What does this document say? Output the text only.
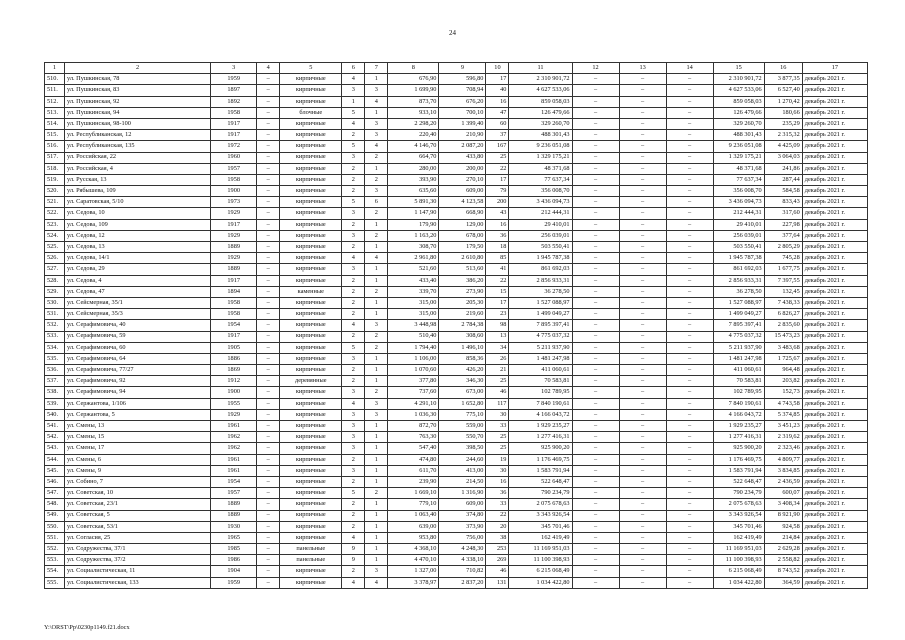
24
1	2	3	4	5	6	7	8	9	10	11	12	13	14	15	16	17
510.	ул. Пушкинская, 78	1959	–	кирпичные	4	1	676,90	596,80	17	2 310 901,72	–	–	–	2 310 901,72	3 877,35	декабрь 2021 г.
511.	ул. Пушкинская, 83	1897	–	кирпичные	3	3	1 699,90	708,94	40	4 627 533,06	–	–	–	4 627 533,06	6 527,40	декабрь 2021 г.
512.	ул. Пушкинская, 92	1892	–	кирпичные	1	4	873,70	676,20	16	859 058,03	–	–	–	859 058,03	1 270,42	декабрь 2021 г.
513.	ул. Пушкинская, 94	1958	–	блочные	5	1	933,10	700,10	47	126 479,66	–	–	–	126 479,66	180,66	декабрь 2021 г.
514.	ул. Пушкинская, 98-100	1917	–	кирпичные	4	3	2 298,20	1 399,40	60	329 260,70	–	–	–	329 260,70	235,29	декабрь 2021 г.
515.	ул. Республиканская, 12	1917	–	кирпичные	2	3	220,40	210,90	37	488 301,43	–	–	–	488 301,43	2 315,32	декабрь 2021 г.
516.	ул. Республиканская, 135	1972	–	кирпичные	5	4	4 146,70	2 087,20	167	9 236 051,08	–	–	–	9 236 051,08	4 425,09	декабрь 2021 г.
517.	ул. Российская, 22	1960	–	кирпичные	3	2	664,70	433,80	25	1 329 175,21	–	–	–	1 329 175,21	3 064,03	декабрь 2021 г.
518.	ул. Российская, 4	1957	–	кирпичные	2	1	280,00	200,00	22	48 371,68	–	–	–	48 371,68	241,86	декабрь 2021 г.
519.	ул. Русская, 13	1958	–	кирпичные	2	2	393,90	270,10	17	77 637,34	–	–	–	77 637,34	287,44	декабрь 2021 г.
520.	ул. Рябышева, 109	1900	–	кирпичные	2	3	635,60	609,00	79	356 008,70	–	–	–	356 008,70	584,58	декабрь 2021 г.
521.	ул. Саратовская, 5/10	1973	–	кирпичные	5	6	5 891,30	4 123,58	200	3 436 094,73	–	–	–	3 436 094,73	833,43	декабрь 2021 г.
522.	ул. Седова, 10	1929	–	кирпичные	3	2	1 147,90	668,90	43	212 444,31	–	–	–	212 444,31	317,60	декабрь 2021 г.
523.	ул. Седова, 109	1917	–	кирпичные	2	1	179,90	129,00	16	29 410,01	–	–	–	29 410,01	227,98	декабрь 2021 г.
524.	ул. Седова, 12	1929	–	кирпичные	3	2	1 163,20	678,00	36	256 039,01	–	–	–	256 039,01	377,64	декабрь 2021 г.
525.	ул. Седова, 13	1889	–	кирпичные	2	1	308,70	179,50	18	503 550,41	–	–	–	503 550,41	2 805,29	декабрь 2021 г.
526.	ул. Седова, 14/1	1929	–	кирпичные	4	4	2 961,80	2 610,80	85	1 945 787,38	–	–	–	1 945 787,38	745,28	декабрь 2021 г.
527.	ул. Седова, 29	1889	–	кирпичные	3	1	521,60	513,60	41	861 692,03	–	–	–	861 692,03	1 677,75	декабрь 2021 г.
528.	ул. Седова, 4	1917	–	кирпичные	2	1	433,40	386,20	22	2 856 933,31	–	–	–	2 856 933,31	7 397,55	декабрь 2021 г.
529.	ул. Седова, 47	1894	–	каменные	2	2	339,70	273,90	15	36 278,50	–	–	–	36 278,50	132,45	декабрь 2021 г.
530.	ул. Сейсмерная, 35/1	1958	–	кирпичные	2	1	315,00	205,30	17	1 527 088,97	–	–	–	1 527 088,97	7 438,33	декабрь 2021 г.
531.	ул. Сейсмерная, 35/3	1958	–	кирпичные	2	1	315,00	219,60	23	1 499 049,27	–	–	–	1 499 049,27	6 826,27	декабрь 2021 г.
532.	ул. Серафимовича, 40	1954	–	кирпичные	4	3	3 448,98	2 784,38	98	7 895 397,41	–	–	–	7 895 397,41	2 835,60	декабрь 2021 г.
533.	ул. Серафимовича, 59	1917	–	кирпичные	2	2	510,40	308,60	13	4 775 037,32	–	–	–	4 775 037,32	15 473,23	декабрь 2021 г.
534.	ул. Серафимовича, 60	1905	–	кирпичные	5	2	1 794,40	1 496,10	34	5 211 937,90	–	–	–	5 211 937,90	3 483,68	декабрь 2021 г.
535.	ул. Серафимовича, 64	1886	–	кирпичные	3	1	1 106,00	858,36	26	1 481 247,98	–	–	–	1 481 247,98	1 725,67	декабрь 2021 г.
536.	ул. Серафимовича, 77/27	1869	–	кирпичные	2	1	1 070,60	426,20	21	411 060,61	–	–	–	411 060,61	964,48	декабрь 2021 г.
537.	ул. Серафимовича, 92	1912	–	деревянные	2	1	377,80	346,30	25	70 583,81	–	–	–	70 583,81	203,82	декабрь 2021 г.
538.	ул. Серафимовича, 94	1900	–	кирпичные	3	2	737,60	673,00	46	102 789,95	–	–	–	102 789,95	152,73	декабрь 2021 г.
539.	ул. Сержантова, 1/106	1955	–	кирпичные	4	3	4 291,10	1 652,80	117	7 840 190,61	–	–	–	7 840 190,61	4 743,58	декабрь 2021 г.
540.	ул. Сержантова, 5	1929	–	кирпичные	3	3	1 036,30	775,10	30	4 166 043,72	–	–	–	4 166 043,72	5 374,85	декабрь 2021 г.
541.	ул. Смены, 13	1961	–	кирпичные	3	1	872,70	559,00	33	1 929 235,27	–	–	–	1 929 235,27	3 451,23	декабрь 2021 г.
542.	ул. Смены, 15	1962	–	кирпичные	3	1	763,30	550,70	25	1 277 416,31	–	–	–	1 277 416,31	2 319,62	декабрь 2021 г.
543.	ул. Смены, 17	1962	–	кирпичные	3	1	547,40	398,50	25	925 900,20	–	–	–	925 900,20	2 323,46	декабрь 2021 г.
544.	ул. Смены, 6	1961	–	кирпичные	2	1	474,80	244,60	19	1 176 469,75	–	–	–	1 176 469,75	4 809,77	декабрь 2021 г.
545.	ул. Смены, 9	1961	–	кирпичные	3	1	611,70	413,00	30	1 583 791,94	–	–	–	1 583 791,94	3 834,85	декабрь 2021 г.
546.	ул. Собино, 7	1954	–	кирпичные	2	1	239,90	214,50	16	522 648,47	–	–	–	522 648,47	2 436,59	декабрь 2021 г.
547.	ул. Советская, 10	1957	–	кирпичные	5	2	1 669,10	1 316,90	36	790 234,79	–	–	–	790 234,79	600,07	декабрь 2021 г.
548.	ул. Советская, 23/1	1889	–	кирпичные	2	1	779,10	609,00	33	2 075 678,63	–	–	–	2 075 678,63	3 408,34	декабрь 2021 г.
549.	ул. Советская, 5	1889	–	кирпичные	2	1	1 063,40	374,80	22	3 343 926,54	–	–	–	3 343 926,54	8 921,90	декабрь 2021 г.
550.	ул. Советская, 53/1	1930	–	кирпичные	2	1	639,00	373,90	20	345 701,46	–	–	–	345 701,46	924,58	декабрь 2021 г.
551.	ул. Согласия, 25	1965	–	кирпичные	4	1	953,80	756,00	38	162 419,49	–	–	–	162 419,49	214,84	декабрь 2021 г.
552.	ул. Содружества, 37/1	1985	–	панельные	9	1	4 368,10	4 248,30	253	11 169 951,03	–	–	–	11 169 951,03	2 629,28	декабрь 2021 г.
553.	ул. Содружества, 37/2	1986	–	панельные	9	1	4 470,10	4 338,10	269	11 100 398,93	–	–	–	11 100 398,93	2 558,82	декабрь 2021 г.
554.	ул. Социалистическая, 11	1904	–	кирпичные	2	3	1 327,00	710,82	46	6 215 068,49	–	–	–	6 215 068,49	8 743,52	декабрь 2021 г.
555.	ул. Социалистическая, 133	1959	–	кирпичные	4	4	3 378,97	2 837,20	131	1 034 422,80	–	–	–	1 034 422,80	364,59	декабрь 2021 г.
Y:\ORST\Pp\0230p1149.f21.docx
